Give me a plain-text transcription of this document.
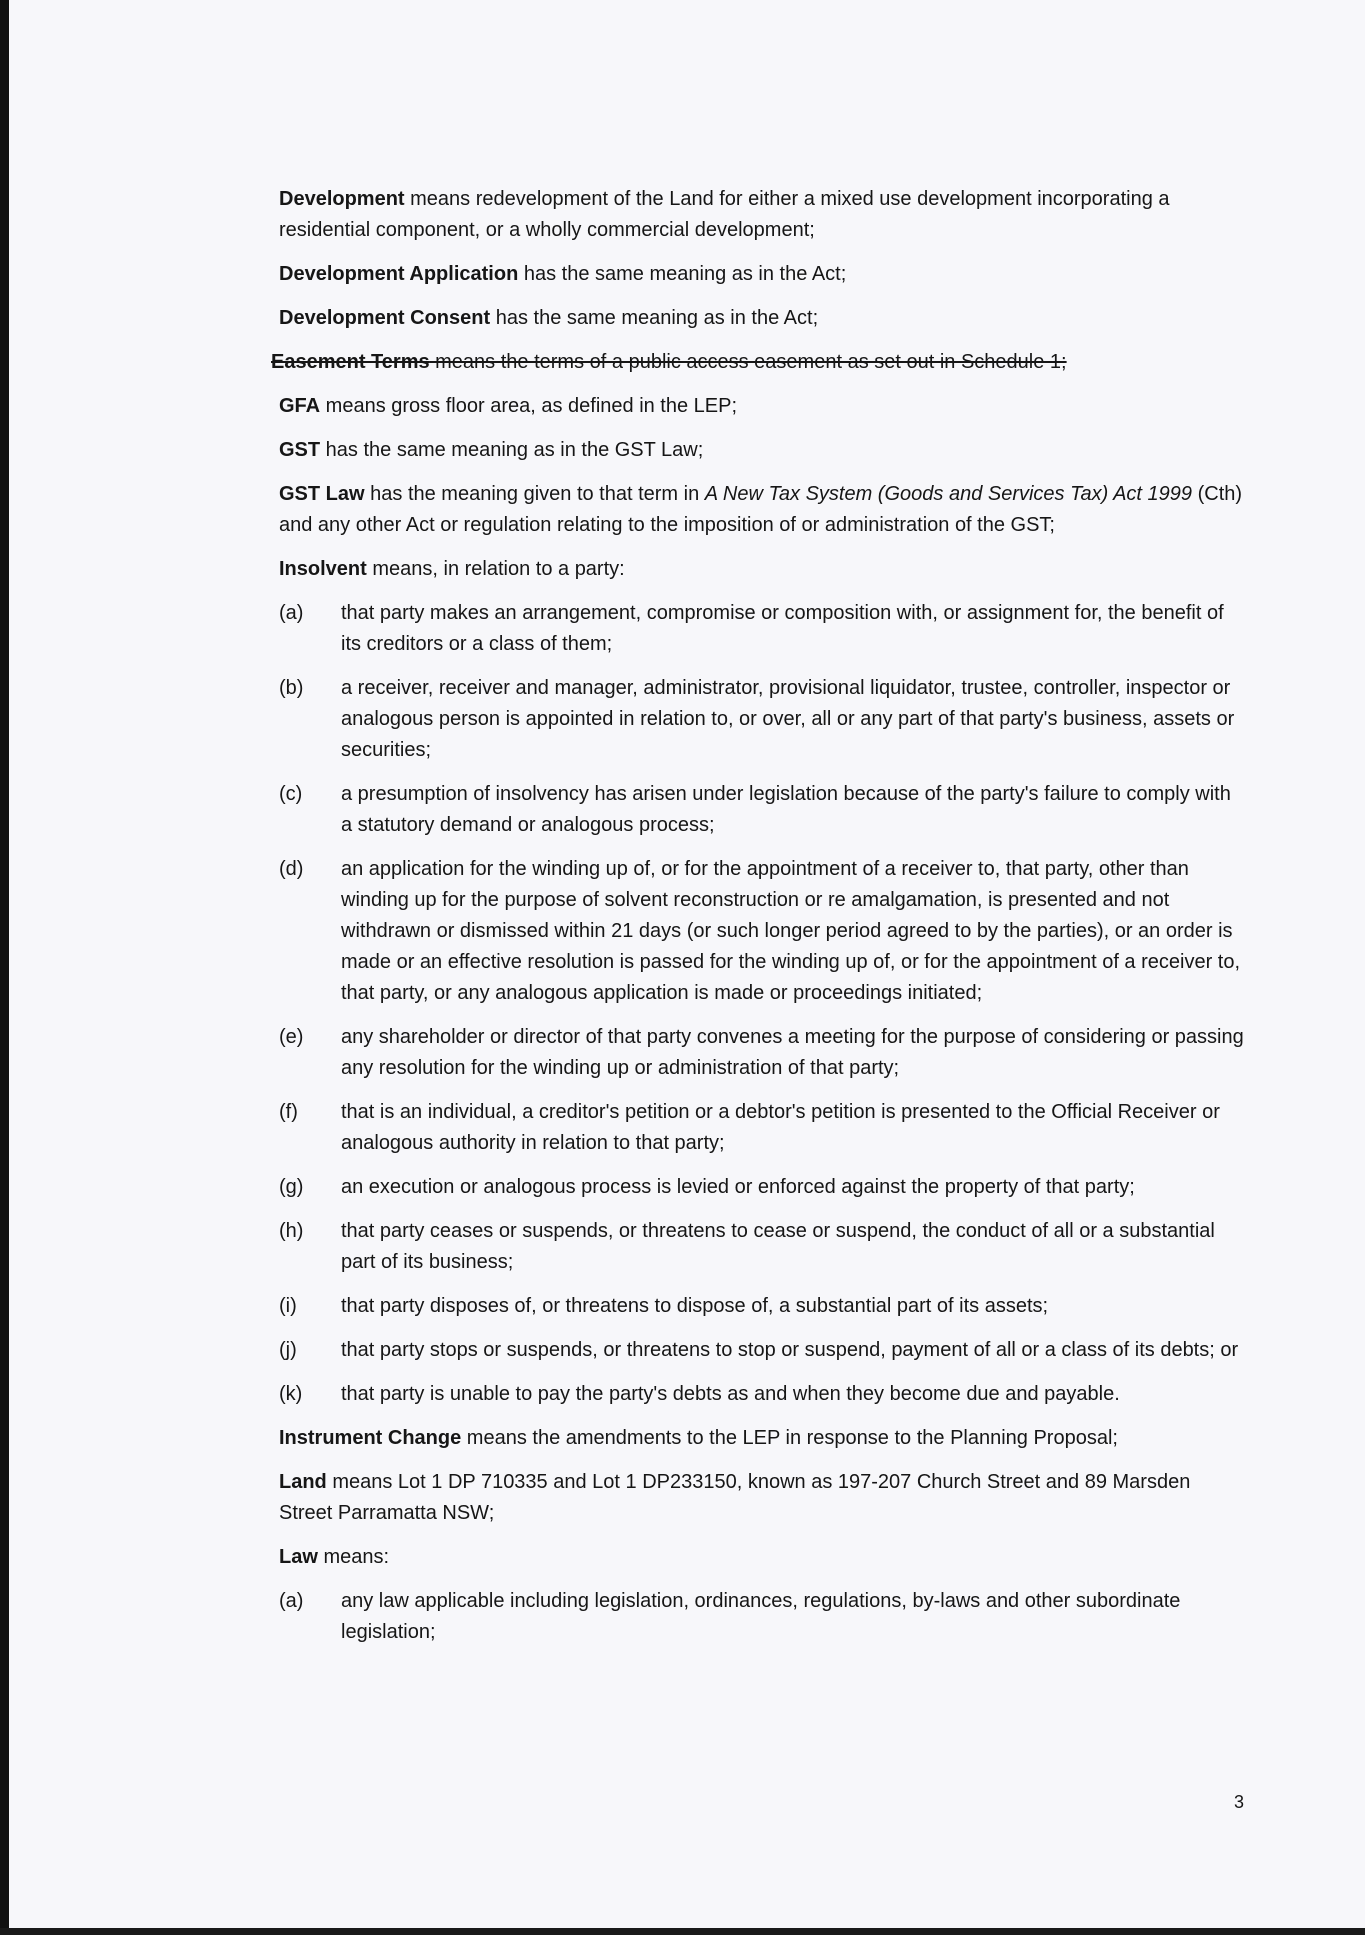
Development means redevelopment of the Land for either a mixed use development incorporating a residential component, or a wholly commercial development;

Development Application has the same meaning as in the Act;

Development Consent has the same meaning as in the Act;

Easement Terms means the terms of a public access easement as set out in Schedule 1;

GFA means gross floor area, as defined in the LEP;

GST has the same meaning as in the GST Law;

GST Law has the meaning given to that term in A New Tax System (Goods and Services Tax) Act 1999 (Cth) and any other Act or regulation relating to the imposition of or administration of the GST;

Insolvent means, in relation to a party:

(a)	that party makes an arrangement, compromise or composition with, or assignment for, the benefit of its creditors or a class of them;
(b)	a receiver, receiver and manager, administrator, provisional liquidator, trustee, controller, inspector or analogous person is appointed in relation to, or over, all or any part of that party's business, assets or securities;
(c)	a presumption of insolvency has arisen under legislation because of the party's failure to comply with a statutory demand or analogous process;
(d)	an application for the winding up of, or for the appointment of a receiver to, that party, other than winding up for the purpose of solvent reconstruction or re amalgamation, is presented and not withdrawn or dismissed within 21 days (or such longer period agreed to by the parties), or an order is made or an effective resolution is passed for the winding up of, or for the appointment of a receiver to, that party, or any analogous application is made or proceedings initiated;
(e)	any shareholder or director of that party convenes a meeting for the purpose of considering or passing any resolution for the winding up or administration of that party;
(f)	that is an individual, a creditor's petition or a debtor's petition is presented to the Official Receiver or analogous authority in relation to that party;
(g)	an execution or analogous process is levied or enforced against the property of that party;
(h)	that party ceases or suspends, or threatens to cease or suspend, the conduct of all or a substantial part of its business;
(i)	that party disposes of, or threatens to dispose of, a substantial part of its assets;
(j)	that party stops or suspends, or threatens to stop or suspend, payment of all or a class of its debts; or
(k)	that party is unable to pay the party's debts as and when they become due and payable.

Instrument Change means the amendments to the LEP in response to the Planning Proposal;

Land means Lot 1 DP 710335 and Lot 1 DP233150, known as 197-207 Church Street and 89 Marsden Street Parramatta NSW;

Law means:

(a)	any law applicable including legislation, ordinances, regulations, by-laws and other subordinate legislation;
3
